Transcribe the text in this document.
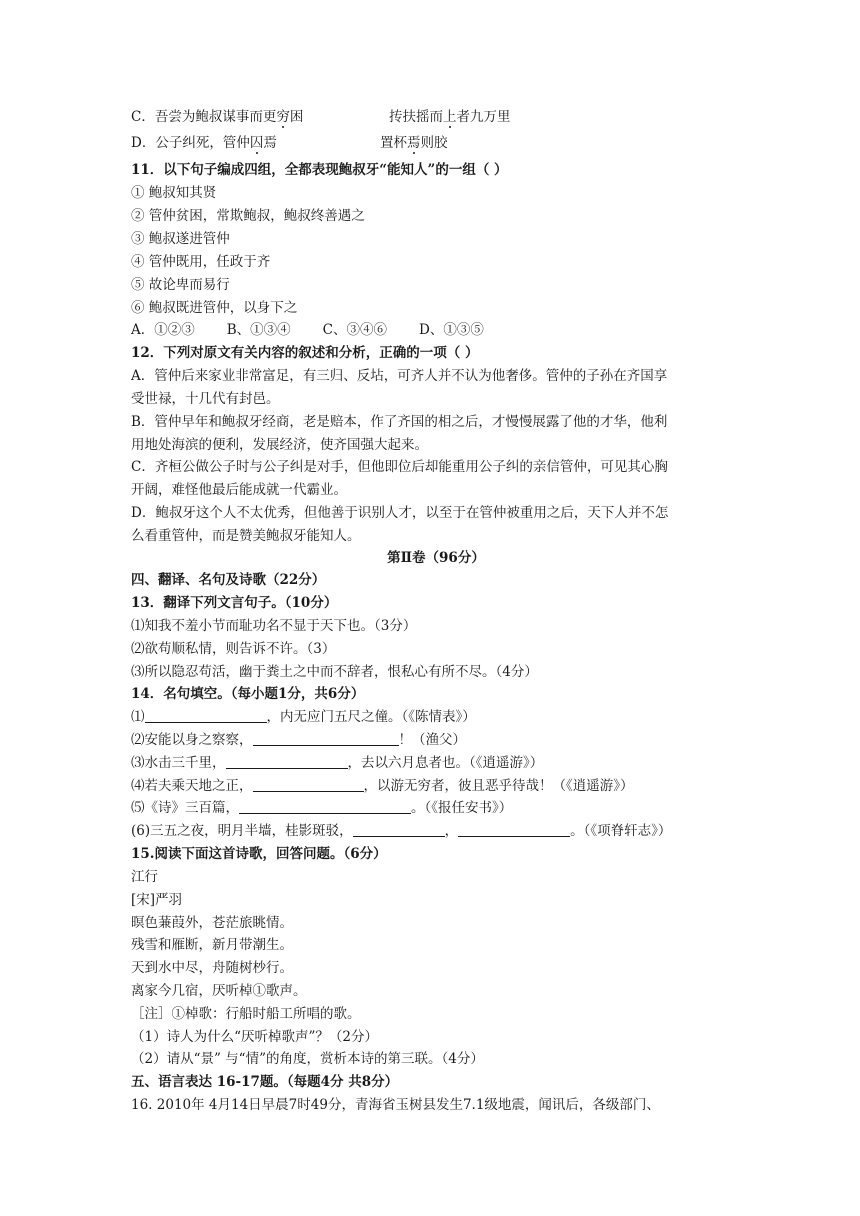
C．吾尝为鲍叔谋事而更穷困	抟扶摇而上者九万里
D．公子纠死，管仲囚焉	置杯焉则胶
11．以下句子编成四组，全都表现鲍叔牙“能知人”的一组（ ）
① 鲍叔知其贤
② 管仲贫困，常欺鲍叔，鲍叔终善遇之
③ 鲍叔遂进管仲
④ 管仲既用，任政于齐
⑤ 故论卑而易行
⑥ 鲍叔既进管仲，以身下之
A．①②③ B、①③④ C、③④⑥ D、①③⑤
12．下列对原文有关内容的叙述和分析，正确的一项（ ）
A．管仲后来家业非常富足，有三归、反坫，可齐人并不认为他奢侈。管仲的子孙在齐国享
受世禄，十几代有封邑。
B．管仲早年和鲍叔牙经商，老是赔本，作了齐国的相之后，才慢慢展露了他的才华，他利
用地处海滨的便利，发展经济，使齐国强大起来。
C．齐桓公做公子时与公子纠是对手，但他即位后却能重用公子纠的亲信管仲，可见其心胸
开阔，难怪他最后能成就一代霸业。
D．鲍叔牙这个人不太优秀，但他善于识别人才，以至于在管仲被重用之后，天下人并不怎
么看重管仲，而是赞美鲍叔牙能知人。
第Ⅱ卷（96分）
四、翻译、名句及诗歌（22分）
13．翻译下列文言句子。（10分）
⑴知我不羞小节而耻功名不显于天下也。（3分）
⑵欲苟顺私情，则告诉不许。（3）
⑶所以隐忍苟活，幽于粪土之中而不辞者，恨私心有所不尽。（4分）
14．名句填空。（每小题1分，共6分）
⑴	，内无应门五尺之僮。（《陈情表》）
⑵安能以身之察察，	！（渔父）
⑶水击三千里，	，去以六月息者也。（《逍遥游》）
⑷若夫乘天地之正，	，以游无穷者，彼且恶乎待哉！（《逍遥游》）
⑸《诗》三百篇，	。（《报任安书》）
(6)三五之夜，明月半墙，桂影斑驳，	，	。（《项脊轩志》）
15.阅读下面这首诗歌，回答问题。（6分）
江行
[宋]严羽
暝色蒹葭外，苍茫旅眺情。
残雪和雁断，新月带潮生。
天到水中尽，舟随树杪行。
离家今几宿，厌听棹①歌声。
［注］①棹歌：行船时船工所唱的歌。
（1）诗人为什么“厌听棹歌声”？（2分）
（2）请从“景” 与“情”的角度，赏析本诗的第三联。（4分）
五、语言表达 16-17题。（每题4分 共8分）
16. 2010年 4月14日早晨7时49分，青海省玉树县发生7.1级地震，闻讯后，各级部门、
